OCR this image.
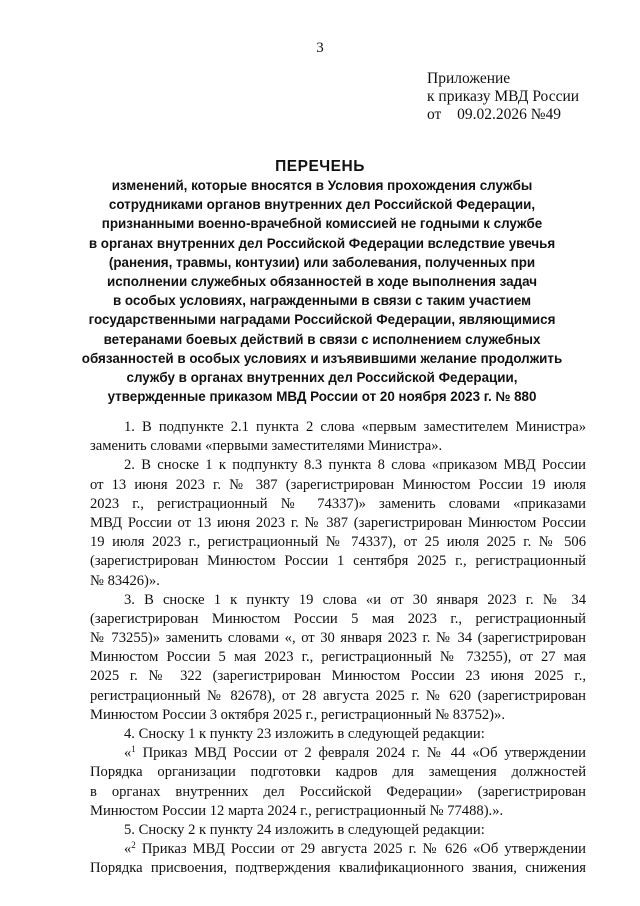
3
Приложение
к приказу МВД России
от 09.02.2026 №49
ПЕРЕЧЕНЬ
изменений, которые вносятся в Условия прохождения службы
сотрудниками органов внутренних дел Российской Федерации,
признанными военно-врачебной комиссией не годными к службе
в органах внутренних дел Российской Федерации вследствие увечья
(ранения, травмы, контузии) или заболевания, полученных при
исполнении служебных обязанностей в ходе выполнения задач
в особых условиях, награжденными в связи с таким участием
государственными наградами Российской Федерации, являющимися
ветеранами боевых действий в связи с исполнением служебных
обязанностей в особых условиях и изъявившими желание продолжить
службу в органах внутренних дел Российской Федерации,
утвержденные приказом МВД России от 20 ноября 2023 г. № 880
1. В подпункте 2.1 пункта 2 слова «первым заместителем Министра»
заменить словами «первыми заместителями Министра».
2. В сноске 1 к подпункту 8.3 пункта 8 слова «приказом МВД России
от 13 июня 2023 г. № 387 (зарегистрирован Минюстом России 19 июля
2023 г., регистрационный № 74337)» заменить словами «приказами
МВД России от 13 июня 2023 г. № 387 (зарегистрирован Минюстом России
19 июля 2023 г., регистрационный № 74337), от 25 июля 2025 г. № 506
(зарегистрирован Минюстом России 1 сентября 2025 г., регистрационный
№ 83426)».
3. В сноске 1 к пункту 19 слова «и от 30 января 2023 г. № 34
(зарегистрирован Минюстом России 5 мая 2023 г., регистрационный
№ 73255)» заменить словами «, от 30 января 2023 г. № 34 (зарегистрирован
Минюстом России 5 мая 2023 г., регистрационный № 73255), от 27 мая
2025 г. № 322 (зарегистрирован Минюстом России 23 июня 2025 г.,
регистрационный № 82678), от 28 августа 2025 г. № 620 (зарегистрирован
Минюстом России 3 октября 2025 г., регистрационный № 83752)».
4. Сноску 1 к пункту 23 изложить в следующей редакции:
«$^1$ Приказ МВД России от 2 февраля 2024 г. № 44 «Об утверждении
Порядка организации подготовки кадров для замещения должностей
в органах внутренних дел Российской Федерации» (зарегистрирован
Минюстом России 12 марта 2024 г., регистрационный № 77488).».
5. Сноску 2 к пункту 24 изложить в следующей редакции:
«$^2$ Приказ МВД России от 29 августа 2025 г. № 626 «Об утверждении
Порядка присвоения, подтверждения квалификационного звания, снижения
